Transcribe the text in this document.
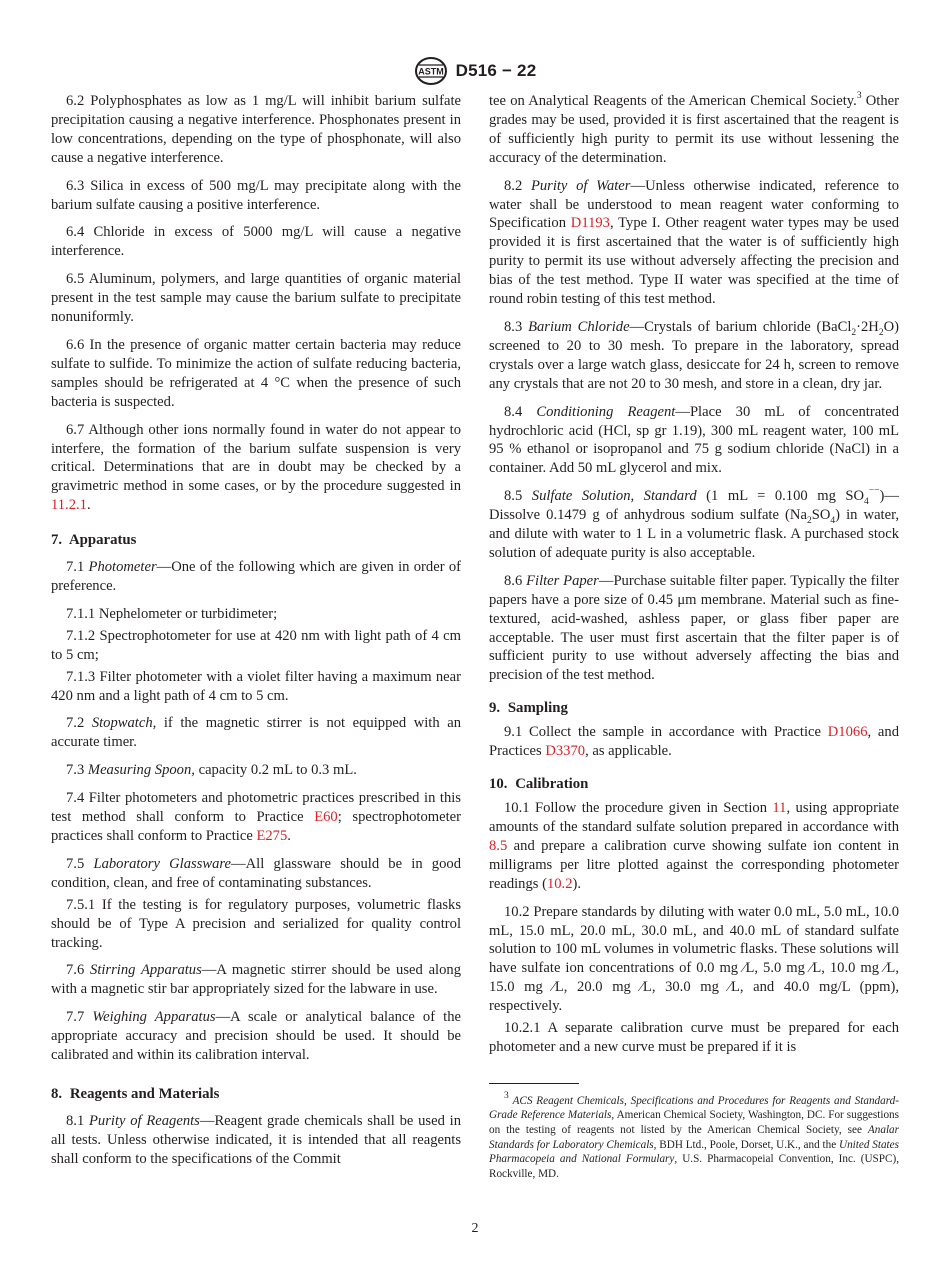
ASTM D516 − 22

6.2 Polyphosphates as low as 1 mg/L will inhibit barium sulfate precipitation causing a negative interference. Phosphonates present in low concentrations, depending on the type of phosphonate, will also cause a negative interference.

6.3 Silica in excess of 500 mg/L may precipitate along with the barium sulfate causing a positive interference.

6.4 Chloride in excess of 5000 mg/L will cause a negative interference.

6.5 Aluminum, polymers, and large quantities of organic material present in the test sample may cause the barium sulfate to precipitate nonuniformly.

6.6 In the presence of organic matter certain bacteria may reduce sulfate to sulfide. To minimize the action of sulfate reducing bacteria, samples should be refrigerated at 4 °C when the presence of such bacteria is suspected.

6.7 Although other ions normally found in water do not appear to interfere, the formation of the barium sulfate suspension is very critical. Determinations that are in doubt may be checked by a gravimetric method in some cases, or by the procedure suggested in 11.2.1.

7. Apparatus

7.1 Photometer—One of the following which are given in order of preference.

7.1.1 Nephelometer or turbidimeter;

7.1.2 Spectrophotometer for use at 420 nm with light path of 4 cm to 5 cm;

7.1.3 Filter photometer with a violet filter having a maximum near 420 nm and a light path of 4 cm to 5 cm.

7.2 Stopwatch, if the magnetic stirrer is not equipped with an accurate timer.

7.3 Measuring Spoon, capacity 0.2 mL to 0.3 mL.

7.4 Filter photometers and photometric practices prescribed in this test method shall conform to Practice E60; spectrophotometer practices shall conform to Practice E275.

7.5 Laboratory Glassware—All glassware should be in good condition, clean, and free of contaminating substances.

7.5.1 If the testing is for regulatory purposes, volumetric flasks should be of Type A precision and serialized for quality control tracking.

7.6 Stirring Apparatus—A magnetic stirrer should be used along with a magnetic stir bar appropriately sized for the labware in use.

7.7 Weighing Apparatus—A scale or analytical balance of the appropriate accuracy and precision should be used. It should be calibrated and within its calibration interval.

8. Reagents and Materials

8.1 Purity of Reagents—Reagent grade chemicals shall be used in all tests. Unless otherwise indicated, it is intended that all reagents shall conform to the specifications of the Commit

tee on Analytical Reagents of the American Chemical Society.$^3$ Other grades may be used, provided it is first ascertained that the reagent is of sufficiently high purity to permit its use without lessening the accuracy of the determination.

8.2 Purity of Water—Unless otherwise indicated, reference to water shall be understood to mean reagent water conforming to Specification D1193, Type I. Other reagent water types may be used provided it is first ascertained that the water is of sufficiently high purity to permit its use without adversely affecting the precision and bias of the test method. Type II water was specified at the time of round robin testing of this test method.

8.3 Barium Chloride—Crystals of barium chloride $(BaCl_2\cdot 2H_2O)$ screened to 20 to 30 mesh. To prepare in the laboratory, spread crystals over a large watch glass, desiccate for 24 h, screen to remove any crystals that are not 20 to 30 mesh, and store in a clean, dry jar.

8.4 Conditioning Reagent—Place 30 mL of concentrated hydrochloric acid (HCl, sp gr 1.19), 300 mL reagent water, 100 mL 95 % ethanol or isopropanol and 75 g sodium chloride (NaCl) in a container. Add 50 mL glycerol and mix.

8.5 Sulfate Solution, Standard (1 mL = 0.100 mg $SO_4^{--})—$ Dissolve 0.1479 g of anhydrous sodium sulfate $(Na_2SO_4)$ in water, and dilute with water to 1 L in a volumetric flask. A purchased stock solution of adequate purity is also acceptable.

8.6 Filter Paper—Purchase suitable filter paper. Typically the filter papers have a pore size of 0.45 μm membrane. Material such as fine-textured, acid-washed, ashless paper, or glass fiber paper are acceptable. The user must first ascertain that the filter paper is of sufficient purity to use without adversely affecting the bias and precision of the test method.

9. Sampling

9.1 Collect the sample in accordance with Practice D1066, and Practices D3370, as applicable.

10. Calibration

10.1 Follow the procedure given in Section 11, using appropriate amounts of the standard sulfate solution prepared in accordance with 8.5 and prepare a calibration curve showing sulfate ion content in milligrams per litre plotted against the corresponding photometer readings (10.2).

10.2 Prepare standards by diluting with water 0.0 mL, 5.0 mL, 10.0 mL, 15.0 mL, 20.0 mL, 30.0 mL, and 40.0 mL of standard sulfate solution to 100 mL volumes in volumetric flasks. These solutions will have sulfate ion concentrations of 0.0 mg ⁄L, 5.0 mg ⁄L, 10.0 mg ⁄L, 15.0 mg ⁄L, 20.0 mg ⁄L, 30.0 mg ⁄L, and 40.0 mg/L (ppm), respectively.

10.2.1 A separate calibration curve must be prepared for each photometer and a new curve must be prepared if it is

$^3$ ACS Reagent Chemicals, Specifications and Procedures for Reagents and Standard-Grade Reference Materials, American Chemical Society, Washington, DC. For suggestions on the testing of reagents not listed by the American Chemical Society, see Analar Standards for Laboratory Chemicals, BDH Ltd., Poole, Dorset, U.K., and the United States Pharmacopeia and National Formulary, U.S. Pharmacopeial Convention, Inc. (USPC), Rockville, MD.

2
